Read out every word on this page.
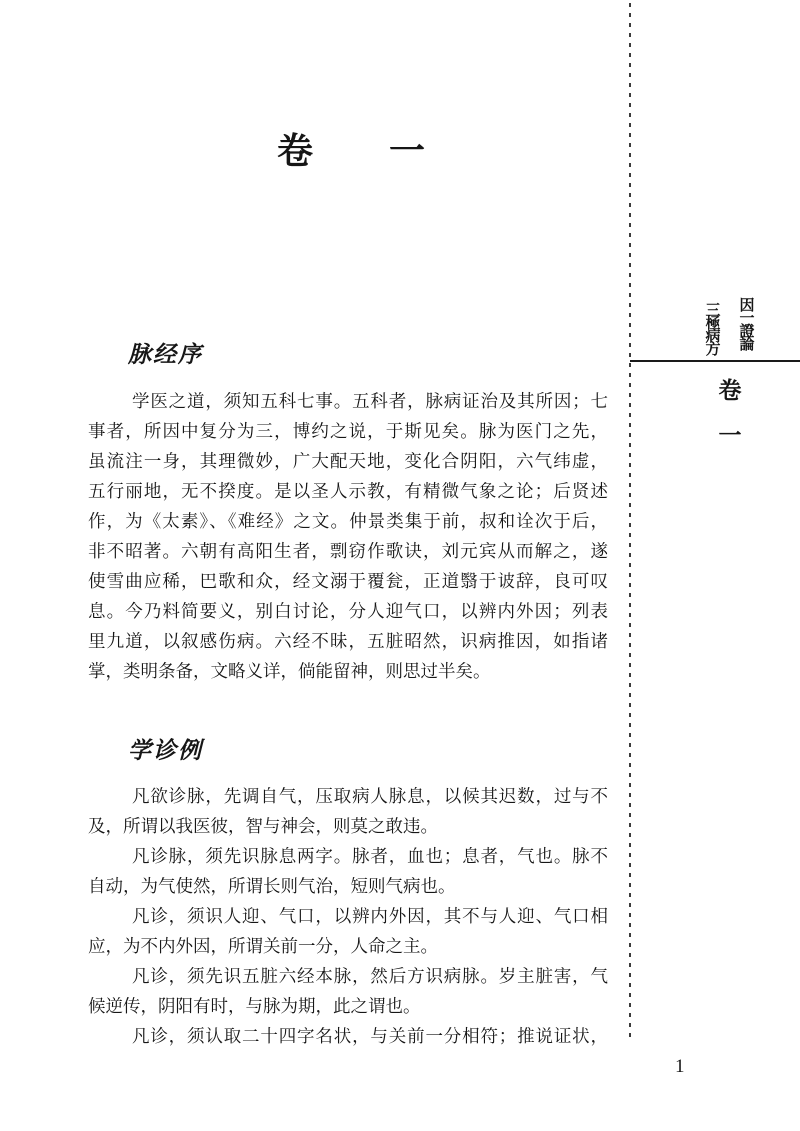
卷 一
脉经序
学医之道，须知五科七事。五科者，脉病证治及其所因；七
事者，所因中复分为三，博约之说，于斯见矣。脉为医门之先，
虽流注一身，其理微妙，广大配天地，变化合阴阳，六气纬虚，
五行丽地，无不揆度。是以圣人示教，有精微气象之论；后贤述
作，为《太素》、《难经》之文。仲景类集于前，叔和诠次于后，
非不昭著。六朝有高阳生者，剽窃作歌诀，刘元宾从而解之，遂
使雪曲应稀，巴歌和众，经文溺于覆瓮，正道翳于诐辞，良可叹
息。今乃料简要义，别白讨论，分人迎气口，以辨内外因；列表
里九道，以叙感伤病。六经不昧，五脏昭然，识病推因，如指诸
掌，类明条备，文略义详，倘能留神，则思过半矣。
学诊例
凡欲诊脉，先调自气，压取病人脉息，以候其迟数，过与不
及，所谓以我医彼，智与神会，则莫之敢违。
凡诊脉，须先识脉息两字。脉者，血也；息者，气也。脉不
自动，为气使然，所谓长则气治，短则气病也。
凡诊，须识人迎、气口，以辨内外因，其不与人迎、气口相
应，为不内外因，所谓关前一分，人命之主。
凡诊，须先识五脏六经本脉，然后方识病脉。岁主脏害，气
候逆传，阴阳有时，与脉为期，此之谓也。
凡诊，须认取二十四字名状，与关前一分相符；推说证状，
三
極
病
方
因
一
證
論
卷
一
1
